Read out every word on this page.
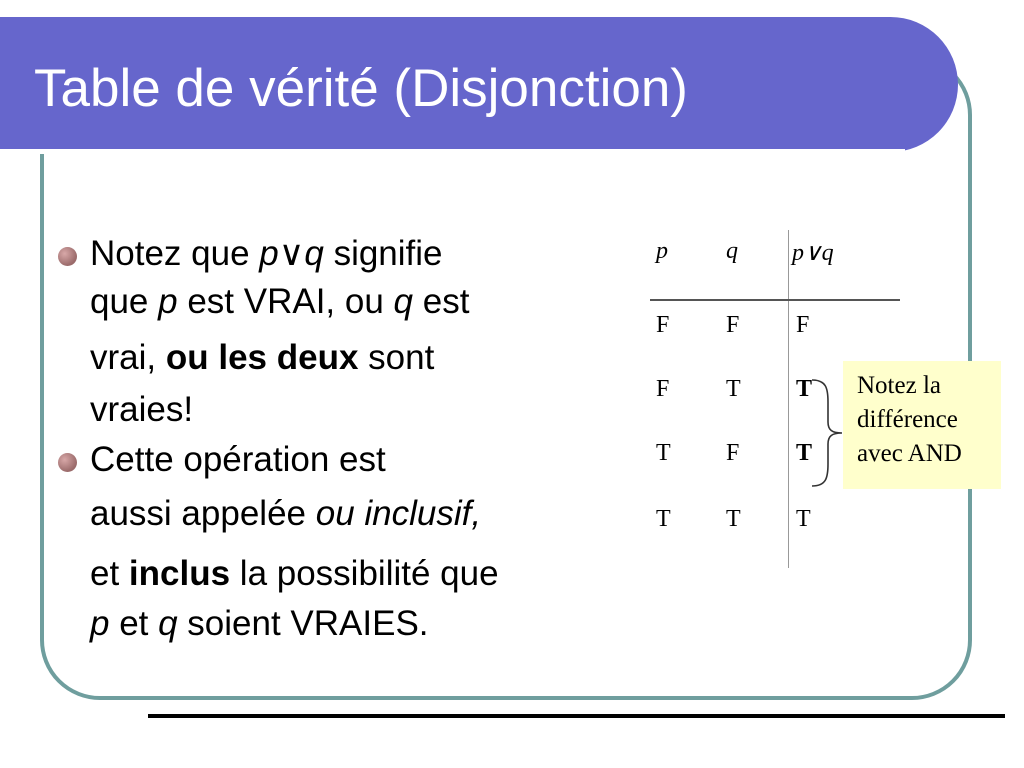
Table de vérité (Disjonction)
Notez que p∨q signifie
que p est VRAI, ou q est
vrai, ou les deux sont
vraies!
Cette opération est
aussi appelée ou inclusif,
et inclus la possibilité que
p et q soient VRAIES.
p q p∨q
F F F
F T T
T F T
T T T
Notez la
différence
avec AND
